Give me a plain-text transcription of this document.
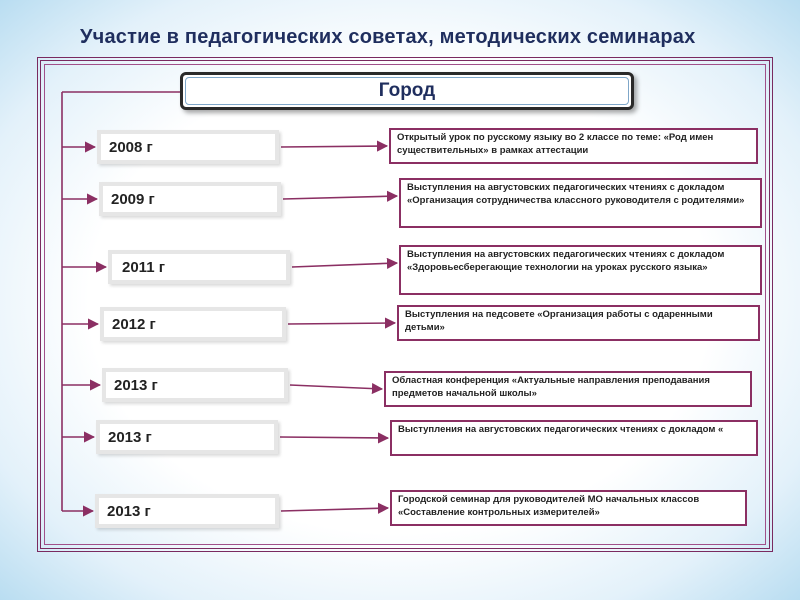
Участие в педагогических советах, методических семинарах
Город
2008 г
2009 г
2011 г
2012 г
2013 г
2013 г
2013 г
Открытый урок по русскому языку во 2 классе по теме: «Род имен существительных» в рамках аттестации
Выступления на августовских педагогических чтениях с докладом «Организация сотрудничества классного руководителя с родителями»
Выступления на августовских педагогических чтениях с докладом «Здоровьесберегающие технологии на уроках русского языка»
Выступления на педсовете «Организация работы с одаренными детьми»
Областная конференция «Актуальные направления преподавания предметов начальной школы»
Выступления на августовских педагогических чтениях с докладом «
Городской семинар для руководителей МО начальных классов «Составление контрольных измерителей»
